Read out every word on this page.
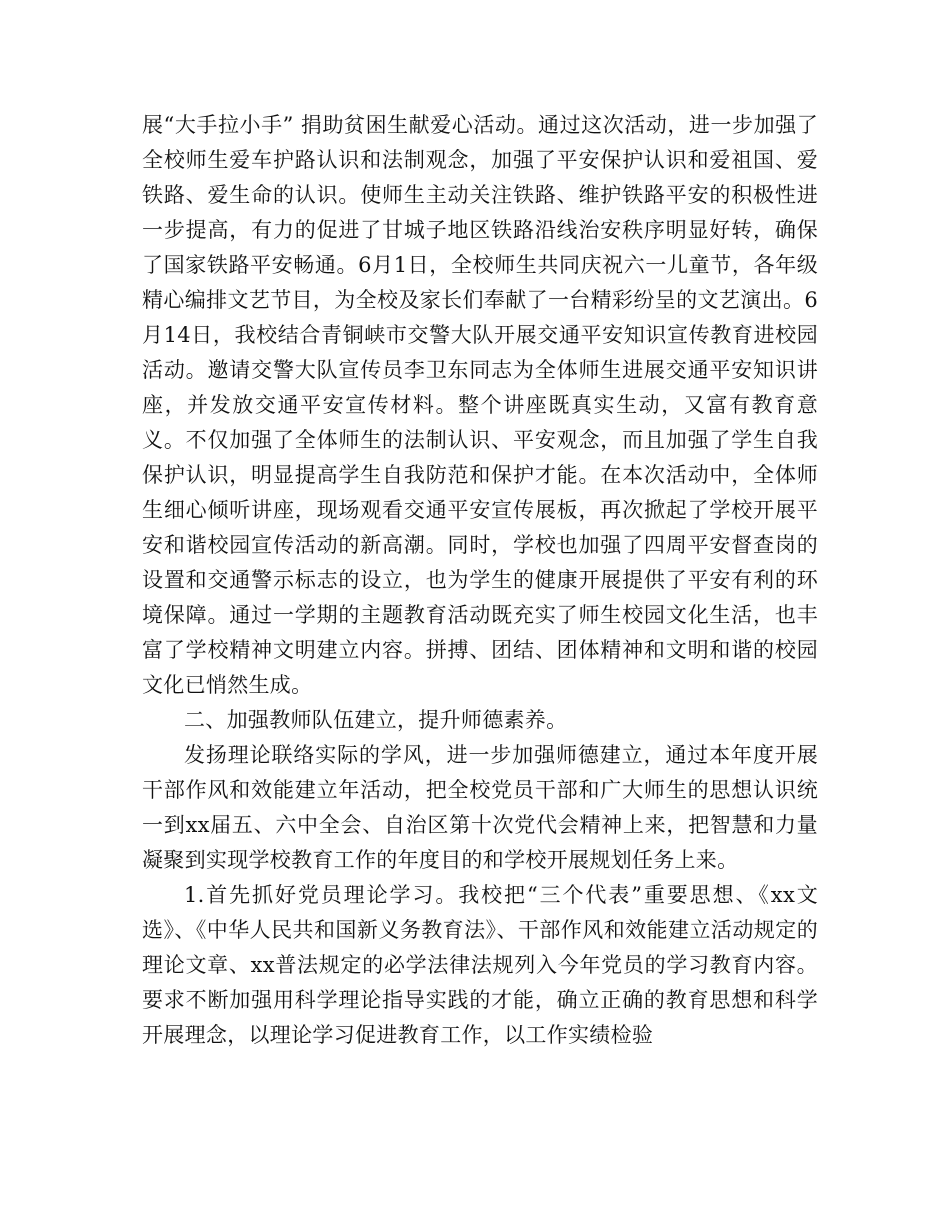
展“大手拉小手” 捐助贫困生献爱心活动。通过这次活动，进一步加强了全校师生爱车护路认识和法制观念，加强了平安保护认识和爱祖国、爱铁路、爱生命的认识。使师生主动关注铁路、维护铁路平安的积极性进一步提高，有力的促进了甘城子地区铁路沿线治安秩序明显好转，确保了国家铁路平安畅通。6月1日，全校师生共同庆祝六一儿童节，各年级精心编排文艺节目，为全校及家长们奉献了一台精彩纷呈的文艺演出。6月14日，我校结合青铜峡市交警大队开展交通平安知识宣传教育进校园活动。邀请交警大队宣传员李卫东同志为全体师生进展交通平安知识讲座，并发放交通平安宣传材料。整个讲座既真实生动，又富有教育意义。不仅加强了全体师生的法制认识、平安观念，而且加强了学生自我保护认识，明显提高学生自我防范和保护才能。在本次活动中，全体师生细心倾听讲座，现场观看交通平安宣传展板，再次掀起了学校开展平安和谐校园宣传活动的新高潮。同时，学校也加强了四周平安督查岗的设置和交通警示标志的设立，也为学生的健康开展提供了平安有利的环境保障。通过一学期的主题教育活动既充实了师生校园文化生活，也丰富了学校精神文明建立内容。拼搏、团结、团体精神和文明和谐的校园文化已悄然生成。

二、加强教师队伍建立，提升师德素养。

发扬理论联络实际的学风，进一步加强师德建立，通过本年度开展干部作风和效能建立年活动，把全校党员干部和广大师生的思想认识统一到xx届五、六中全会、自治区第十次党代会精神上来，把智慧和力量凝聚到实现学校教育工作的年度目的和学校开展规划任务上来。

1.首先抓好党员理论学习。我校把“三个代表”重要思想、《xx文选》、《中华人民共和国新义务教育法》、干部作风和效能建立活动规定的理论文章、xx普法规定的必学法律法规列入今年党员的学习教育内容。要求不断加强用科学理论指导实践的才能，确立正确的教育思想和科学开展理念，以理论学习促进教育工作，以工作实绩检验
